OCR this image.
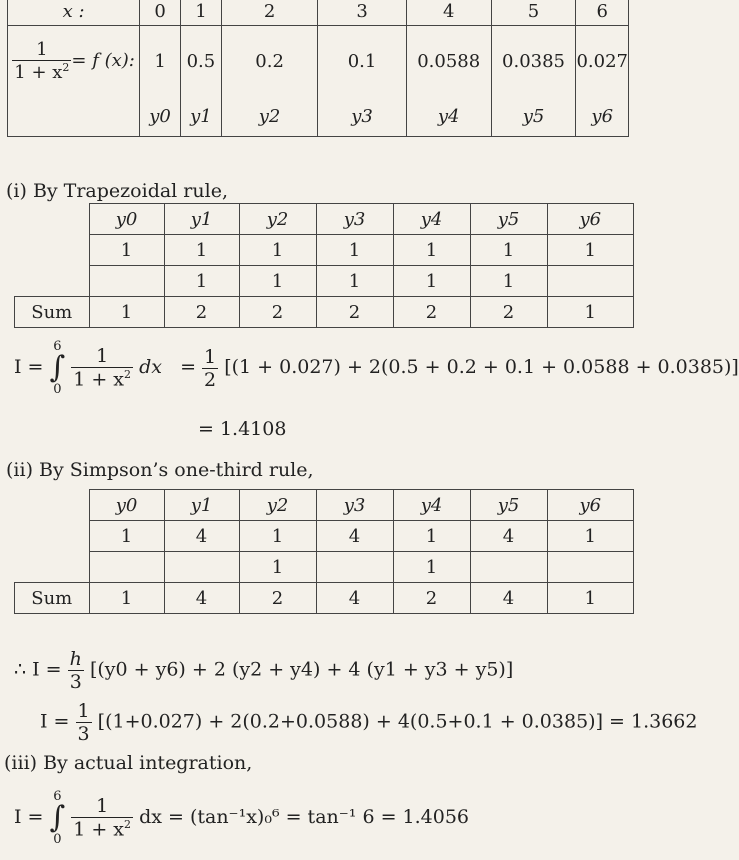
x :	0	1	2	3	4	5	6

$\frac{1}{1 + x^2} = f$ (x):	1	0.5	0.2	0.1	0.0588	0.0385	0.027
	y0	y1	y2	y3	y4	y5	y6
(i) By Trapezoidal rule,
	y0	y1	y2	y3	y4	y5	y6
	1	1	1	1	1	1	1
		1	1	1	1	1	
Sum	1	2	2	2	2	2	1
I =
6
∫
0
$\frac{1}{1 + x^2}$ dx = $\frac{1}{2} [(1 + 0.027) + 2(0.5 + 0.2 + 0.1 + 0.0588 + 0.0385)]$
= 1.4108
(ii) By Simpson’s one-third rule,
	y0	y1	y2	y3	y4	y5	y6
	1	4	1	4	1	4	1
			1		1		
Sum	1	4	2	4	2	4	1
∴ $I = \frac{h}{3} [(y0 + y6) + 2$ (y2 + y4) + 4 (y1 + y3 + y5)]
$I = \frac{1}{3} [(1+0.027) + 2(0.2+0.0588) + 4(0.5+0.1 + 0.0385)] = 1.3662$
(iii) By actual integration,
I =
6
∫
0
$\frac{1}{1 + x^2}$ dx = (tan⁻¹x)₀⁶ = tan⁻¹ 6 = 1.4056
